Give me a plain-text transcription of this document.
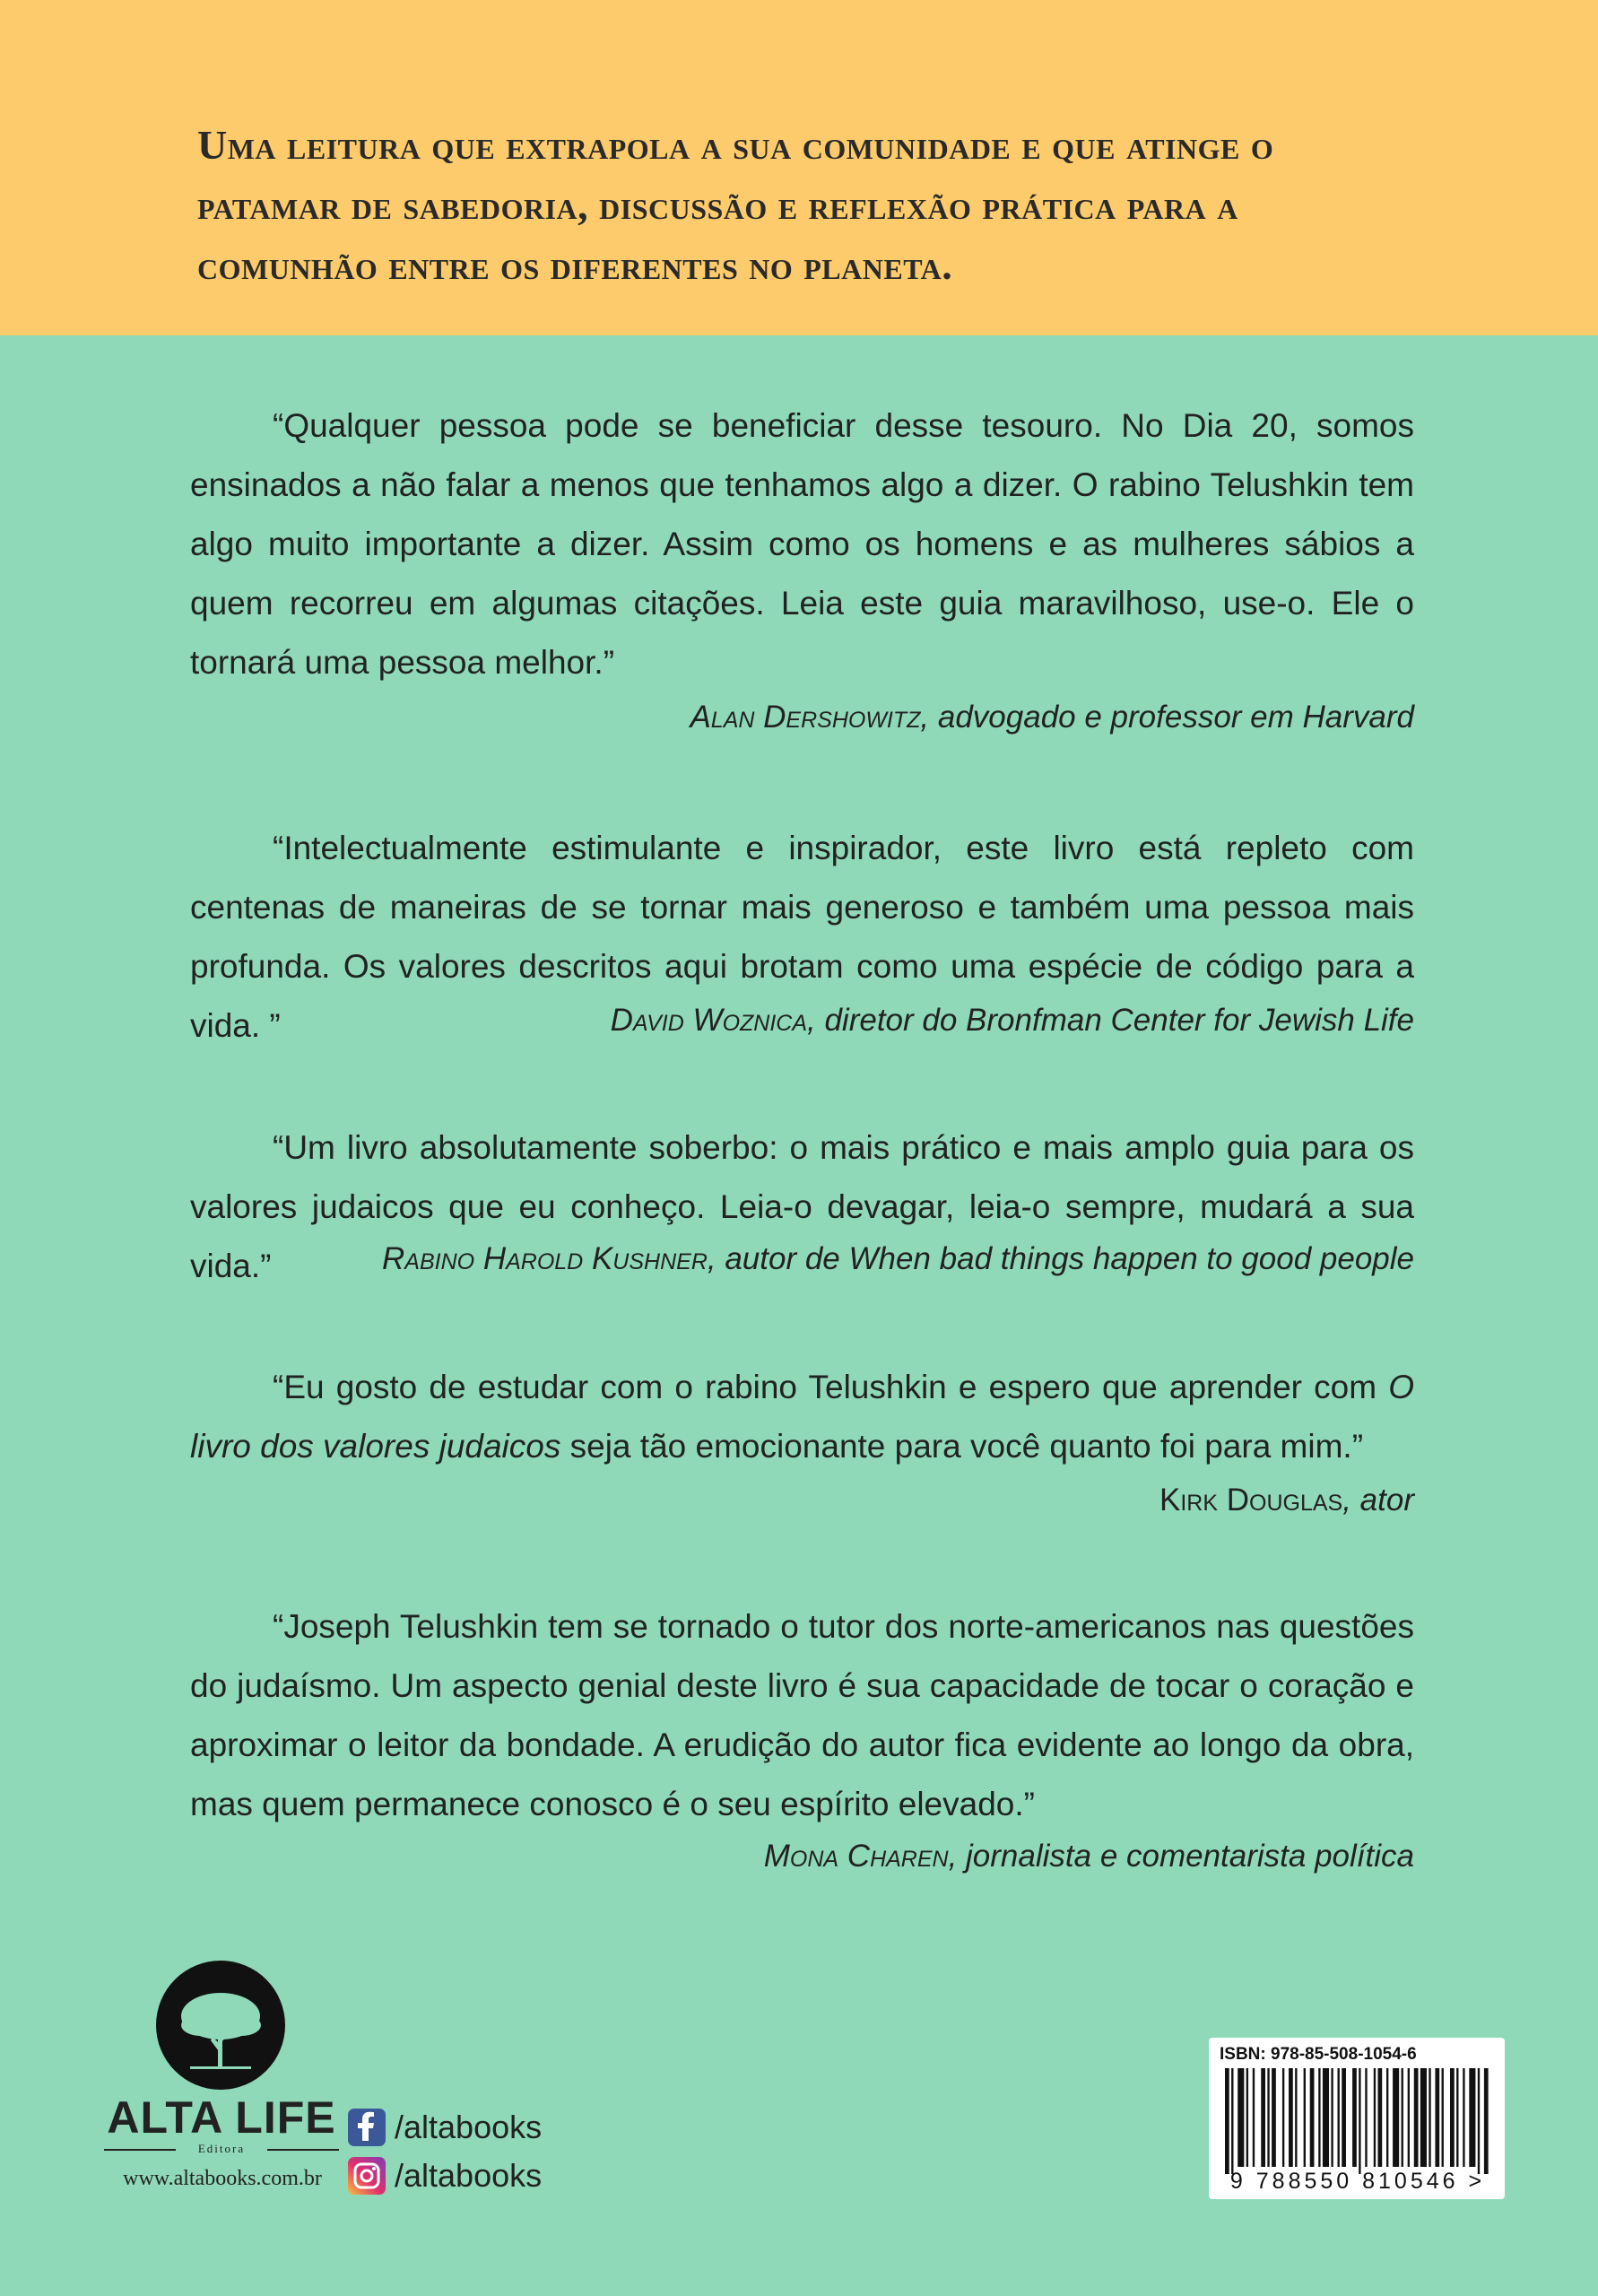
Uma leitura que extrapola a sua comunidade e que atinge o patamar de sabedoria, discussão e reflexão prática para a comunhão entre os diferentes no planeta.
“Qualquer pessoa pode se beneficiar desse tesouro. No Dia 20, somos ensinados a não falar a menos que tenhamos algo a dizer. O rabino Telushkin tem algo muito importante a dizer. Assim como os homens e as mulheres sábios a quem recorreu em algumas citações. Leia este guia maravilhoso, use-o. Ele o tornará uma pessoa melhor.”
Alan Dershowitz, advogado e professor em Harvard
“Intelectualmente estimulante e inspirador, este livro está repleto com centenas de maneiras de se tornar mais generoso e também uma pessoa mais profunda. Os valores descritos aqui brotam como uma espécie de código para a vida. ”	David Woznica, diretor do Bronfman Center for Jewish Life
“Um livro absolutamente soberbo: o mais prático e mais amplo guia para os valores judaicos que eu conheço. Leia-o devagar, leia-o sempre, mudará a sua vida.”	Rabino Harold Kushner, autor de When bad things happen to good people
“Eu gosto de estudar com o rabino Telushkin e espero que aprender com O livro dos valores judaicos seja tão emocionante para você quanto foi para mim.”
Kirk Douglas, ator
“Joseph Telushkin tem se tornado o tutor dos norte-americanos nas questões do judaísmo. Um aspecto genial deste livro é sua capacidade de tocar o coração e aproximar o leitor da bondade. A erudição do autor fica evidente ao longo da obra, mas quem permanece conosco é o seu espírito elevado.”
Mona Charen, jornalista e comentarista política
ALTA LIFE
Editora
www.altabooks.com.br
/altabooks
/altabooks
ISBN: 978-85-508-1054-6
9 788550 810546 >
